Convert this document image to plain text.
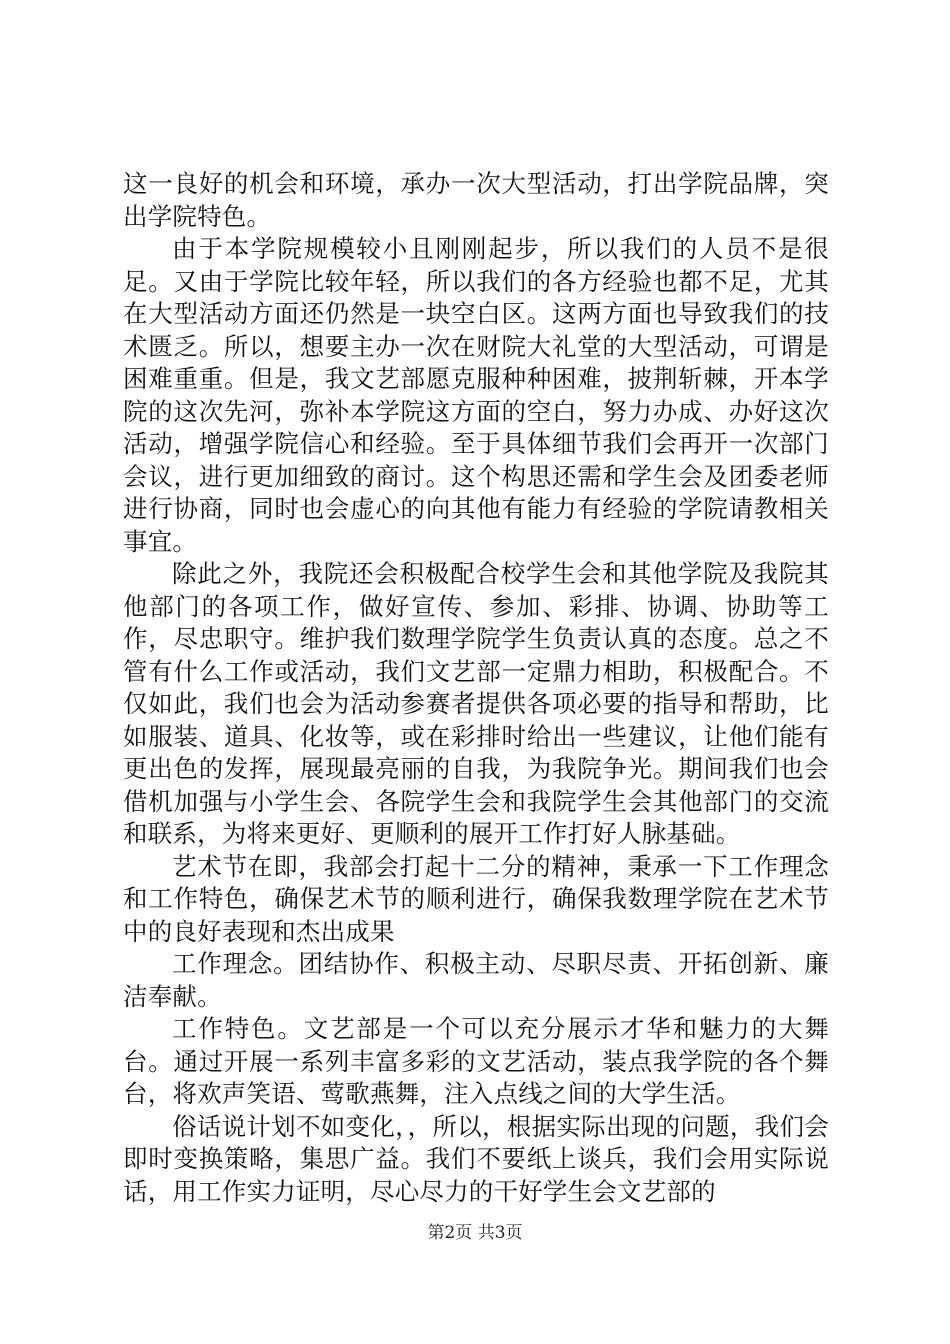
这一良好的机会和环境，承办一次大型活动，打出学院品牌，突出学院特色。

由于本学院规模较小且刚刚起步，所以我们的人员不是很足。又由于学院比较年轻，所以我们的各方经验也都不足，尤其在大型活动方面还仍然是一块空白区。这两方面也导致我们的技术匮乏。所以，想要主办一次在财院大礼堂的大型活动，可谓是困难重重。但是，我文艺部愿克服种种困难，披荆斩棘，开本学院的这次先河，弥补本学院这方面的空白，努力办成、办好这次活动，增强学院信心和经验。至于具体细节我们会再开一次部门会议，进行更加细致的商讨。这个构思还需和学生会及团委老师进行协商，同时也会虚心的向其他有能力有经验的学院请教相关事宜。

除此之外，我院还会积极配合校学生会和其他学院及我院其他部门的各项工作，做好宣传、参加、彩排、协调、协助等工作，尽忠职守。维护我们数理学院学生负责认真的态度。总之不管有什么工作或活动，我们文艺部一定鼎力相助，积极配合。不仅如此，我们也会为活动参赛者提供各项必要的指导和帮助，比如服装、道具、化妆等，或在彩排时给出一些建议，让他们能有更出色的发挥，展现最亮丽的自我，为我院争光。期间我们也会借机加强与小学生会、各院学生会和我院学生会其他部门的交流和联系，为将来更好、更顺利的展开工作打好人脉基础。

艺术节在即，我部会打起十二分的精神，秉承一下工作理念和工作特色，确保艺术节的顺利进行，确保我数理学院在艺术节中的良好表现和杰出成果

工作理念。团结协作、积极主动、尽职尽责、开拓创新、廉洁奉献。

工作特色。文艺部是一个可以充分展示才华和魅力的大舞台。通过开展一系列丰富多彩的文艺活动，装点我学院的各个舞台，将欢声笑语、莺歌燕舞，注入点线之间的大学生活。

俗话说计划不如变化，，所以，根据实际出现的问题，我们会即时变换策略，集思广益。我们不要纸上谈兵，我们会用实际说话，用工作实力证明，尽心尽力的干好学生会文艺部的

第2页 共3页
